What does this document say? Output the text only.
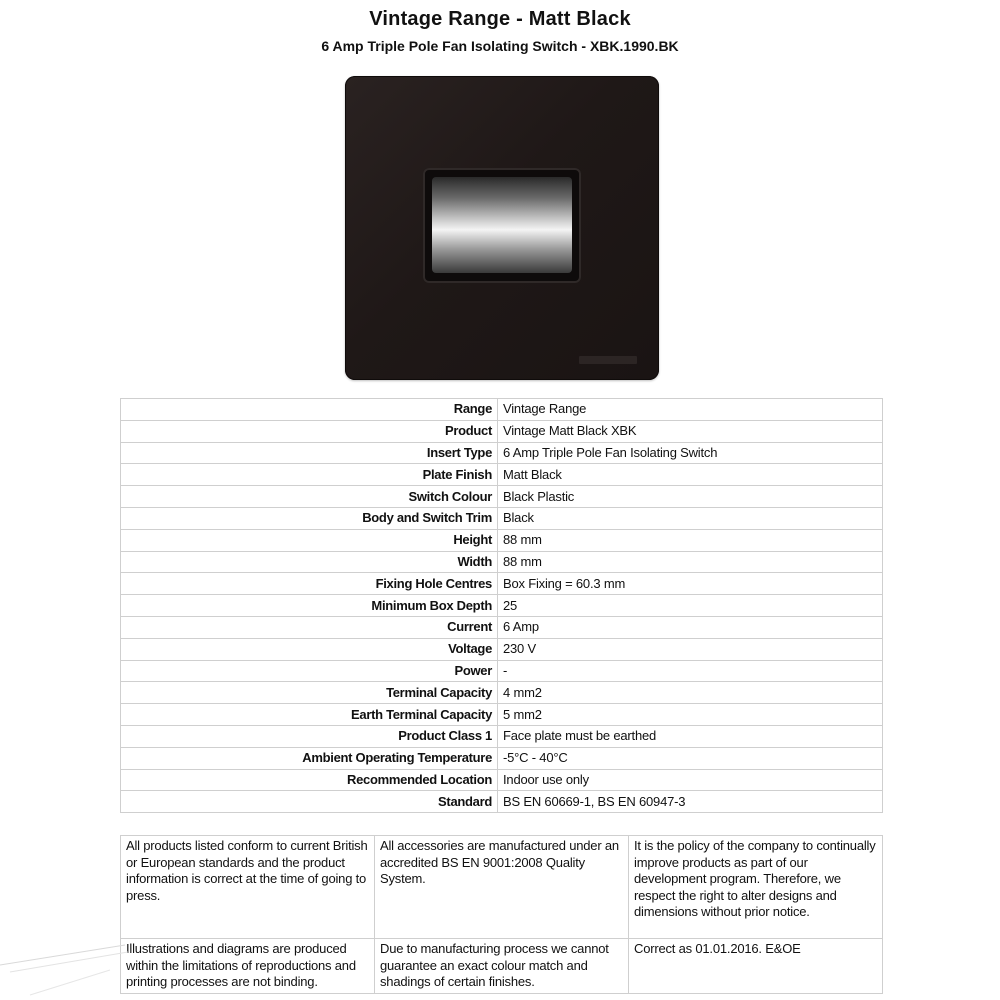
Vintage Range - Matt Black
6 Amp Triple Pole Fan Isolating Switch - XBK.1990.BK
Range	Vintage Range
Product	Vintage Matt Black XBK
Insert Type	6 Amp Triple Pole Fan Isolating Switch
Plate Finish	Matt Black
Switch Colour	Black Plastic
Body and Switch Trim	Black
Height	88 mm
Width	88 mm
Fixing Hole Centres	Box Fixing = 60.3 mm
Minimum Box Depth	25
Current	6 Amp
Voltage	230 V
Power	-
Terminal Capacity	4 mm2
Earth Terminal Capacity	5 mm2
Product Class 1	Face plate must be earthed
Ambient Operating Temperature	-5°C - 40°C
Recommended Location	Indoor use only
Standard	BS EN 60669-1, BS EN 60947-3
All products listed conform to current British or European standards and the product information is correct at the time of going to press.	All accessories are manufactured under an accredited BS EN 9001:2008 Quality System.	It is the policy of the company to continually improve products as part of our development program. Therefore, we respect the right to alter designs and dimensions without prior notice.
Illustrations and diagrams are produced within the limitations of reproductions and printing processes are not binding.	Due to manufacturing process we cannot guarantee an exact colour match and shadings of certain finishes.	Correct as 01.01.2016. E&OE
